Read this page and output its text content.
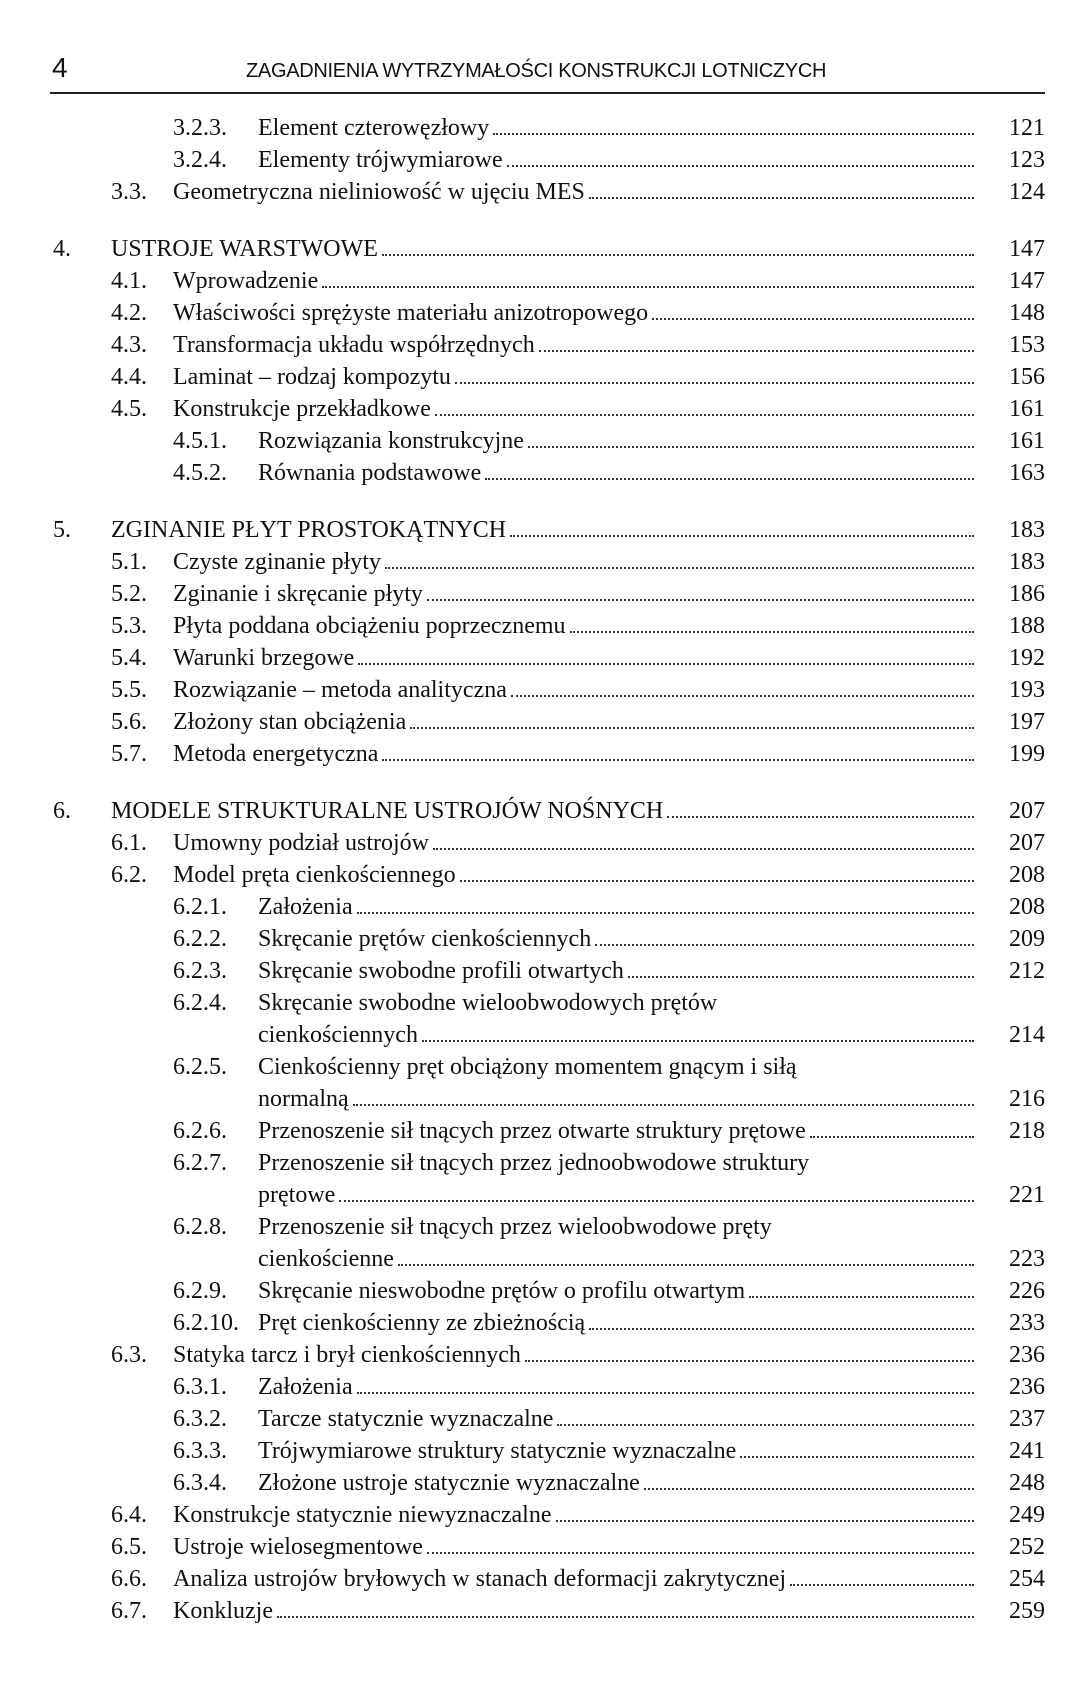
4	ZAGADNIENIA WYTRZYMAŁOŚCI KONSTRUKCJI LOTNICZYCH
3.2.3. Element czterowęzłowy	121
3.2.4. Elementy trójwymiarowe	123
3.3. Geometryczna nieliniowość w ujęciu MES	124
4. USTROJE WARSTWOWE	147
4.1. Wprowadzenie	147
4.2. Właściwości sprężyste materiału anizotropowego	148
4.3. Transformacja układu współrzędnych	153
4.4. Laminat – rodzaj kompozytu	156
4.5. Konstrukcje przekładkowe	161
4.5.1. Rozwiązania konstrukcyjne	161
4.5.2. Równania podstawowe	163
5. ZGINANIE PŁYT PROSTOKĄTNYCH	183
5.1. Czyste zginanie płyty	183
5.2. Zginanie i skręcanie płyty	186
5.3. Płyta poddana obciążeniu poprzecznemu	188
5.4. Warunki brzegowe	192
5.5. Rozwiązanie – metoda analityczna	193
5.6. Złożony stan obciążenia	197
5.7. Metoda energetyczna	199
6. MODELE STRUKTURALNE USTROJÓW NOŚNYCH	207
6.1. Umowny podział ustrojów	207
6.2. Model pręta cienkościennego	208
6.2.1. Założenia	208
6.2.2. Skręcanie prętów cienkościennych	209
6.2.3. Skręcanie swobodne profili otwartych	212
6.2.4. Skręcanie swobodne wieloobwodowych prętów
cienkościennych	214
6.2.5. Cienkościenny pręt obciążony momentem gnącym i siłą
normalną	216
6.2.6. Przenoszenie sił tnących przez otwarte struktury prętowe	218
6.2.7. Przenoszenie sił tnących przez jednoobwodowe struktury
prętowe	221
6.2.8. Przenoszenie sił tnących przez wieloobwodowe pręty
cienkościenne	223
6.2.9. Skręcanie nieswobodne prętów o profilu otwartym	226
6.2.10. Pręt cienkościenny ze zbieżnością	233
6.3. Statyka tarcz i brył cienkościennych	236
6.3.1. Założenia	236
6.3.2. Tarcze statycznie wyznaczalne	237
6.3.3. Trójwymiarowe struktury statycznie wyznaczalne	241
6.3.4. Złożone ustroje statycznie wyznaczalne	248
6.4. Konstrukcje statycznie niewyznaczalne	249
6.5. Ustroje wielosegmentowe	252
6.6. Analiza ustrojów bryłowych w stanach deformacji zakrytycznej	254
6.7. Konkluzje	259
